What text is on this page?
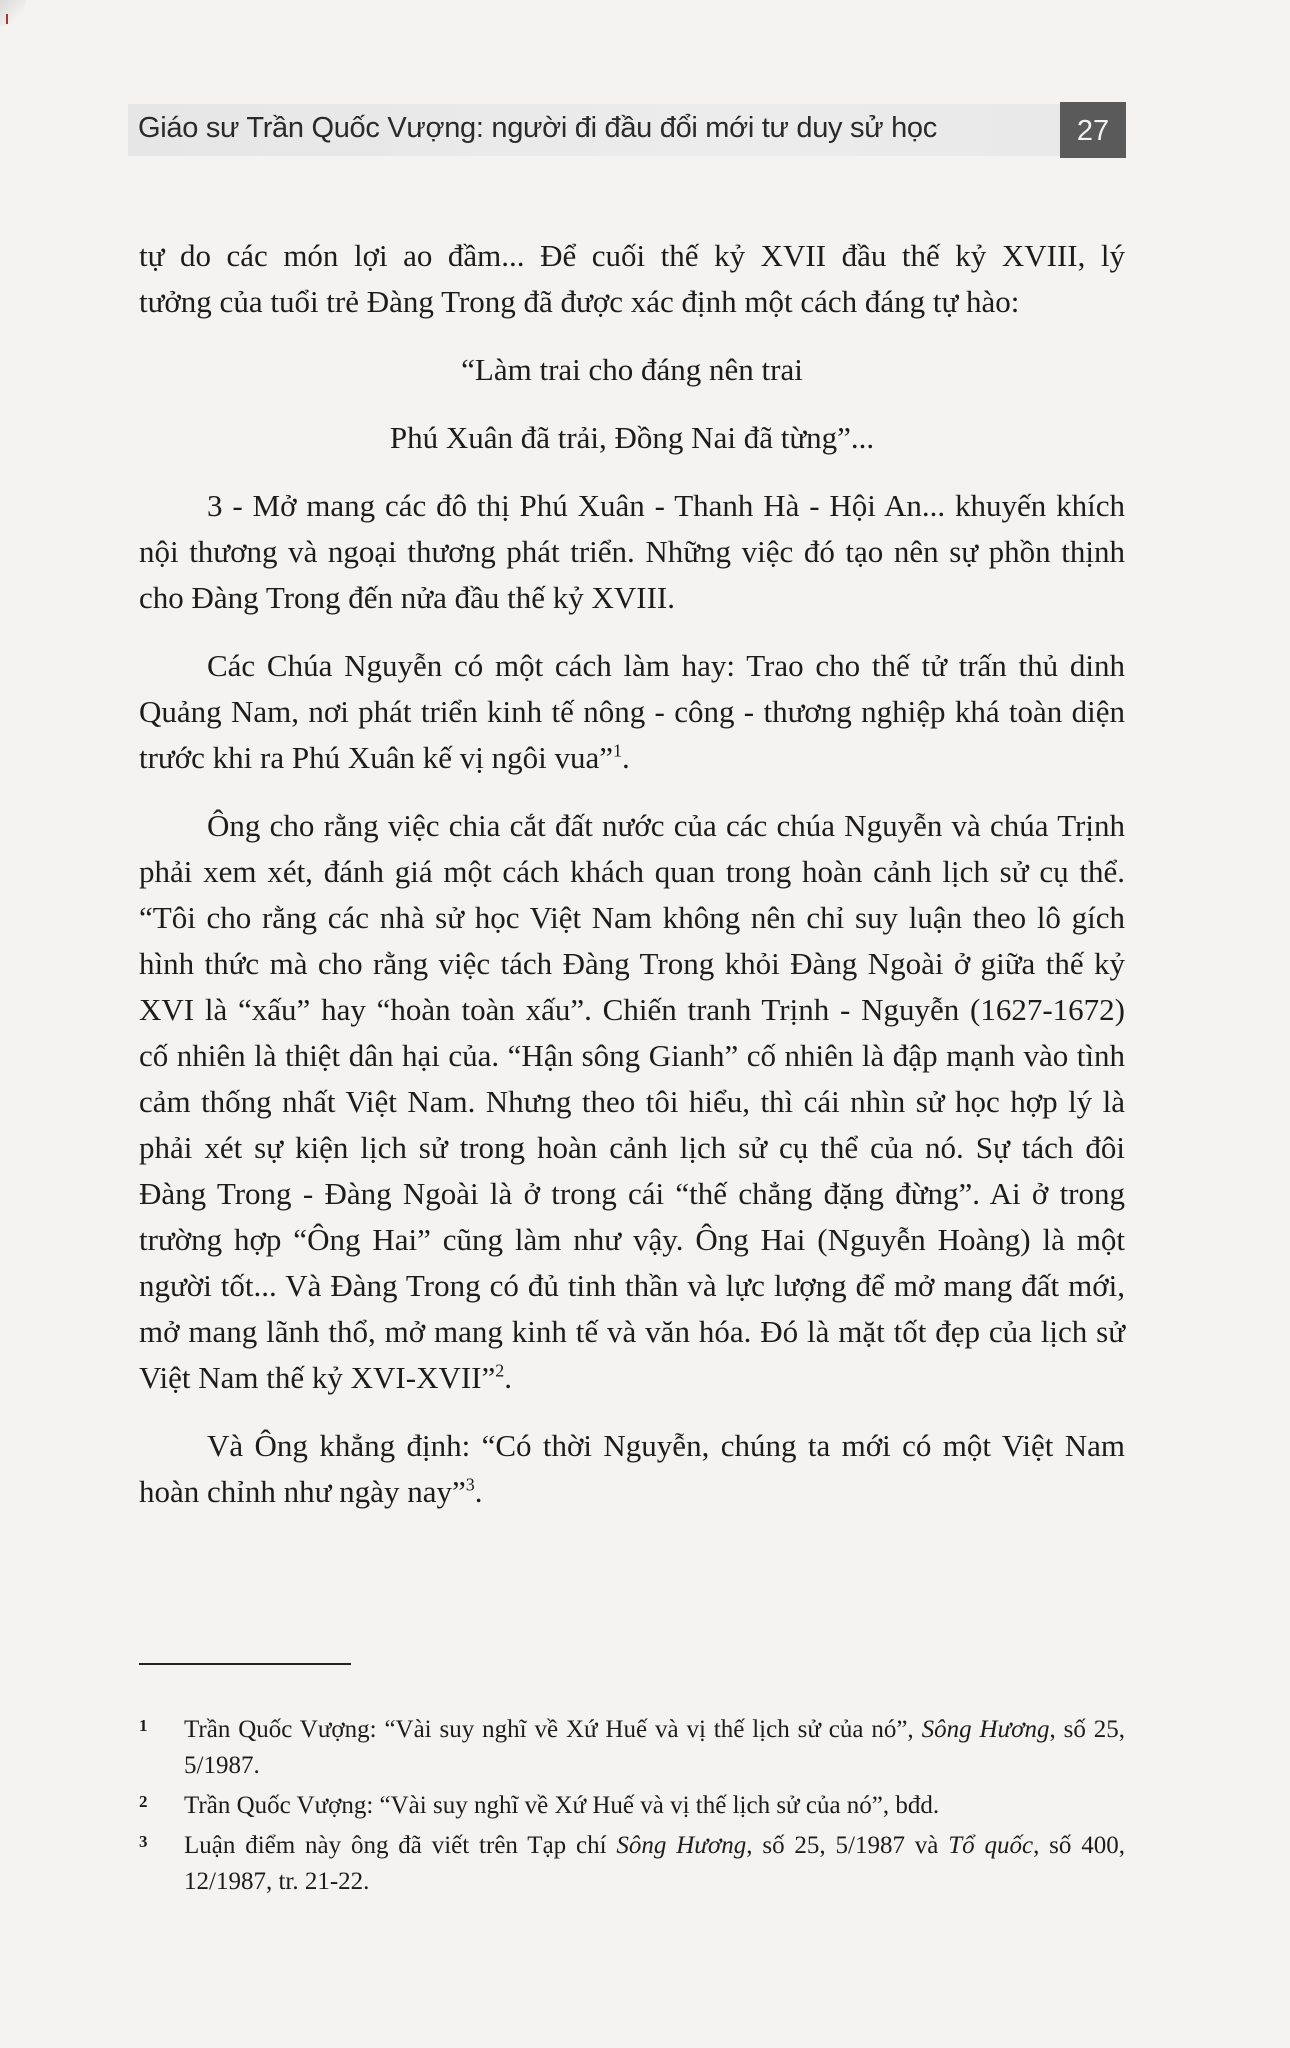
Giáo sư Trần Quốc Vượng: người đi đầu đổi mới tư duy sử học	27

tự do các món lợi ao đầm... Để cuối thế kỷ XVII đầu thế kỷ XVIII, lý

tưởng của tuổi trẻ Đàng Trong đã được xác định một cách đáng tự hào:

“Làm trai cho đáng nên trai

Phú Xuân đã trải, Đồng Nai đã từng”...

3 - Mở mang các đô thị Phú Xuân - Thanh Hà - Hội An... khuyến khích nội thương và ngoại thương phát triển. Những việc đó tạo nên sự phồn thịnh cho Đàng Trong đến nửa đầu thế kỷ XVIII.

Các Chúa Nguyễn có một cách làm hay: Trao cho thế tử trấn thủ dinh Quảng Nam, nơi phát triển kinh tế nông - công - thương nghiệp khá toàn diện trước khi ra Phú Xuân kế vị ngôi vua”$^1$.

Ông cho rằng việc chia cắt đất nước của các chúa Nguyễn và chúa Trịnh phải xem xét, đánh giá một cách khách quan trong hoàn cảnh lịch sử cụ thể. “Tôi cho rằng các nhà sử học Việt Nam không nên chỉ suy luận theo lô gích hình thức mà cho rằng việc tách Đàng Trong khỏi Đàng Ngoài ở giữa thế kỷ XVI là “xấu” hay “hoàn toàn xấu”. Chiến tranh Trịnh - Nguyễn (1627-1672) cố nhiên là thiệt dân hại của. “Hận sông Gianh” cố nhiên là đập mạnh vào tình cảm thống nhất Việt Nam. Nhưng theo tôi hiểu, thì cái nhìn sử học hợp lý là phải xét sự kiện lịch sử trong hoàn cảnh lịch sử cụ thể của nó. Sự tách đôi Đàng Trong - Đàng Ngoài là ở trong cái “thế chẳng đặng đừng”. Ai ở trong trường hợp “Ông Hai” cũng làm như vậy. Ông Hai (Nguyễn Hoàng) là một người tốt... Và Đàng Trong có đủ tinh thần và lực lượng để mở mang đất mới, mở mang lãnh thổ, mở mang kinh tế và văn hóa. Đó là mặt tốt đẹp của lịch sử Việt Nam thế kỷ XVI-XVII”$^2$.

Và Ông khẳng định: “Có thời Nguyễn, chúng ta mới có một Việt Nam hoàn chỉnh như ngày nay”$^3$.

1 Trần Quốc Vượng: “Vài suy nghĩ về Xứ Huế và vị thế lịch sử của nó”, Sông Hương, số 25, 5/1987.
2 Trần Quốc Vượng: “Vài suy nghĩ về Xứ Huế và vị thế lịch sử của nó”, bđd.
3 Luận điểm này ông đã viết trên Tạp chí Sông Hương, số 25, 5/1987 và Tổ quốc, số 400, 12/1987, tr. 21-22.
